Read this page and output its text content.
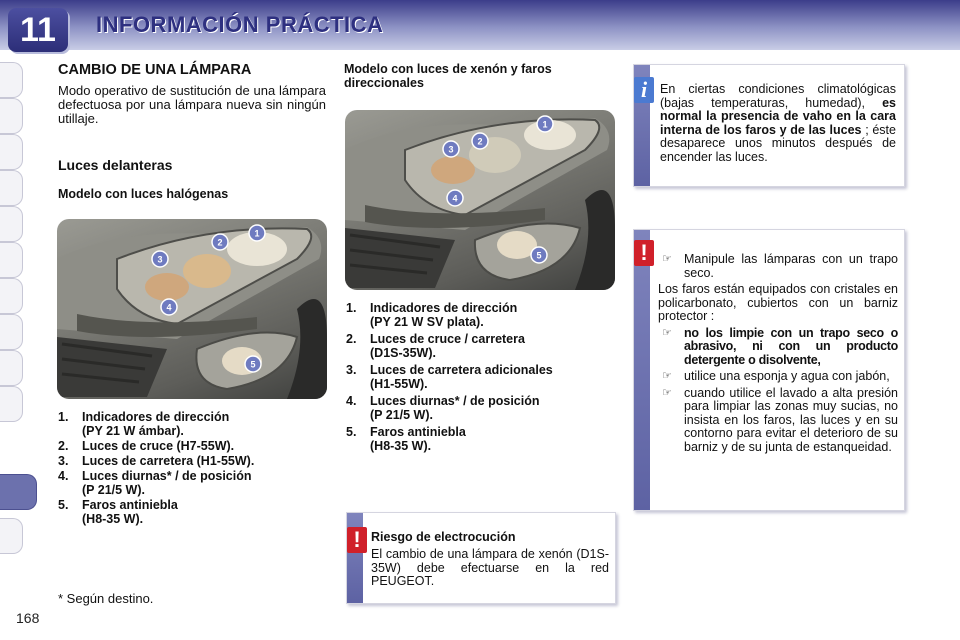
11	INFORMACIÓN PRÁCTICA
168
CAMBIO DE UNA LÁMPARA
Modo operativo de sustitución de una lámpara defectuosa por una lámpara nueva sin ningún utillaje.
Luces delanteras
Modelo con luces halógenas
1
2
3
4
5
1. Indicadores de dirección
(PY 21 W ámbar).
2. Luces de cruce (H7-55W).
3. Luces de carretera (H1-55W).
4. Luces diurnas* / de posición
(P 21/5 W).
5. Faros antiniebla
(H8-35 W).
* Según destino.
Modelo con luces de xenón y faros direccionales
1
2
3
4
5
1. Indicadores de dirección
(PY 21 W SV plata).
2. Luces de cruce / carretera
(D1S-35W).
3. Luces de carretera adicionales
(H1-55W).
4. Luces diurnas* / de posición
(P 21/5 W).
5. Faros antiniebla
(H8-35 W).
! Riesgo de electrocución
El cambio de una lámpara de xenón (D1S-35W) debe efectuarse en la red PEUGEOT.
i	En ciertas condiciones climatológicas (bajas temperaturas, humedad), es normal la presencia de vaho en la cara interna de los faros y de las luces ; éste desaparece unos minutos después de encender las luces.
!	☞ Manipule las lámparas con un trapo seco.
Los faros están equipados con cristales en policarbonato, cubiertos con un barniz protector :
☞ no los limpie con un trapo seco o abrasivo, ni con un producto detergente o disolvente,
☞ utilice una esponja y agua con jabón,
☞ cuando utilice el lavado a alta presión para limpiar las zonas muy sucias, no insista en los faros, las luces y en su contorno para evitar el deterioro de su barniz y de su junta de estanqueidad.
